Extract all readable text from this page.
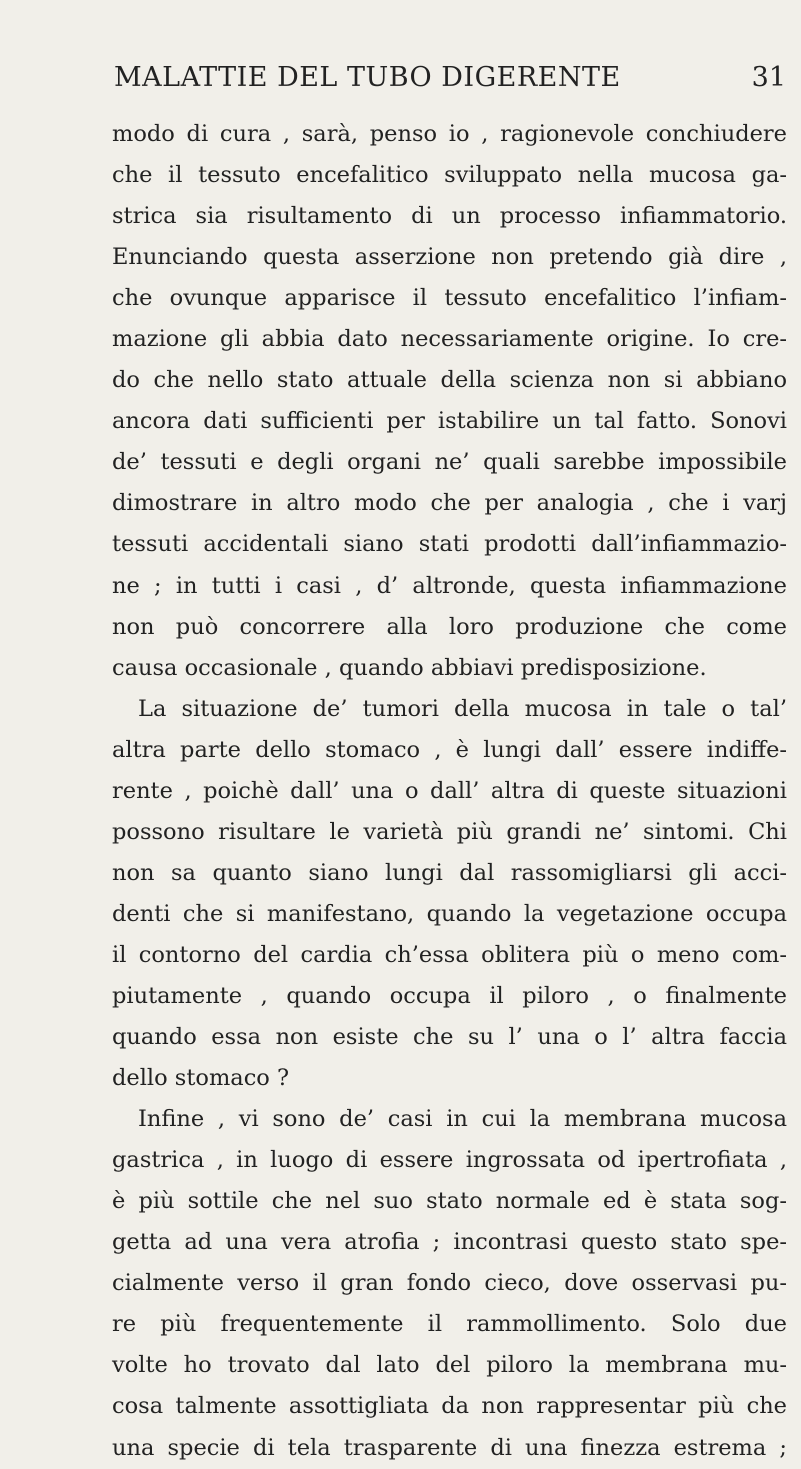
MALATTIE DEL TUBO DIGERENTE	31
modo di cura , sarà, penso io , ragionevole conchiudere
che il tessuto encefalitico sviluppato nella mucosa ga-
strica sia risultamento di un processo infiammatorio.
Enunciando questa asserzione non pretendo già dire ,
che ovunque apparisce il tessuto encefalitico l’infiam-
mazione gli abbia dato necessariamente origine. Io cre-
do che nello stato attuale della scienza non si abbiano
ancora dati sufficienti per istabilire un tal fatto. Sonovi
de’ tessuti e degli organi ne’ quali sarebbe impossibile
dimostrare in altro modo che per analogia , che i varj
tessuti accidentali siano stati prodotti dall’infiammazio-
ne ; in tutti i casi , d’ altronde, questa infiammazione
non può concorrere alla loro produzione che come
causa occasionale , quando abbiavi predisposizione.
La situazione de’ tumori della mucosa in tale o tal’
altra parte dello stomaco , è lungi dall’ essere indiffe-
rente , poichè dall’ una o dall’ altra di queste situazioni
possono risultare le varietà più grandi ne’ sintomi. Chi
non sa quanto siano lungi dal rassomigliarsi gli acci-
denti che si manifestano, quando la vegetazione occupa
il contorno del cardia ch’essa oblitera più o meno com-
piutamente , quando occupa il piloro , o finalmente
quando essa non esiste che su l’ una o l’ altra faccia
dello stomaco ?
Infine , vi sono de’ casi in cui la membrana mucosa
gastrica , in luogo di essere ingrossata od ipertrofiata ,
è più sottile che nel suo stato normale ed è stata sog-
getta ad una vera atrofia ; incontrasi questo stato spe-
cialmente verso il gran fondo cieco, dove osservasi pu-
re più frequentemente il rammollimento. Solo due
volte ho trovato dal lato del piloro la membrana mu-
cosa talmente assottigliata da non rappresentar più che
una specie di tela trasparente di una finezza estrema ;
